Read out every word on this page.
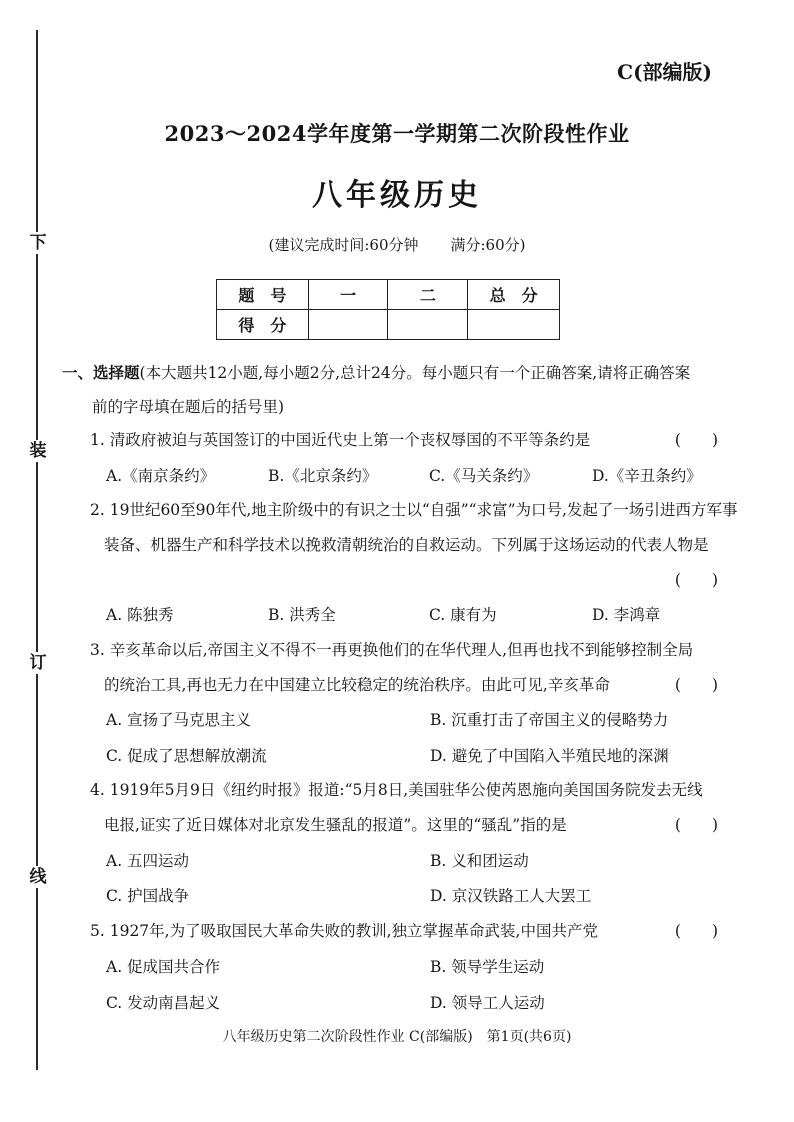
下
装
订
线
C(部编版)
2023～2024学年度第一学期第二次阶段性作业
八年级历史
(建议完成时间:60分钟 满分:60分)
题　号	一	二	总　分
得　分			
一、选择题(本大题共12小题,每小题2分,总计24分。每小题只有一个正确答案,请将正确答案
前的字母填在题后的括号里)
1. 清政府被迫与英国签订的中国近代史上第一个丧权辱国的不平等条约是	(　　)
A.《南京条约》	B.《北京条约》	C.《马关条约》	D.《辛丑条约》
2. 19世纪60至90年代,地主阶级中的有识之士以“自强”“求富”为口号,发起了一场引进西方军事
装备、机器生产和科学技术以挽救清朝统治的自救运动。下列属于这场运动的代表人物是
(　　)
A. 陈独秀	B. 洪秀全	C. 康有为	D. 李鸿章
3. 辛亥革命以后,帝国主义不得不一再更换他们的在华代理人,但再也找不到能够控制全局
的统治工具,再也无力在中国建立比较稳定的统治秩序。由此可见,辛亥革命	(　　)
A. 宣扬了马克思主义	B. 沉重打击了帝国主义的侵略势力
C. 促成了思想解放潮流	D. 避免了中国陷入半殖民地的深渊
4. 1919年5月9日《纽约时报》报道:“5月8日,美国驻华公使芮恩施向美国国务院发去无线
电报,证实了近日媒体对北京发生骚乱的报道”。这里的“骚乱”指的是	(　　)
A. 五四运动	B. 义和团运动
C. 护国战争	D. 京汉铁路工人大罢工
5. 1927年,为了吸取国民大革命失败的教训,独立掌握革命武装,中国共产党	(　　)
A. 促成国共合作	B. 领导学生运动
C. 发动南昌起义	D. 领导工人运动
八年级历史第二次阶段性作业 C(部编版)　第1页(共6页)
